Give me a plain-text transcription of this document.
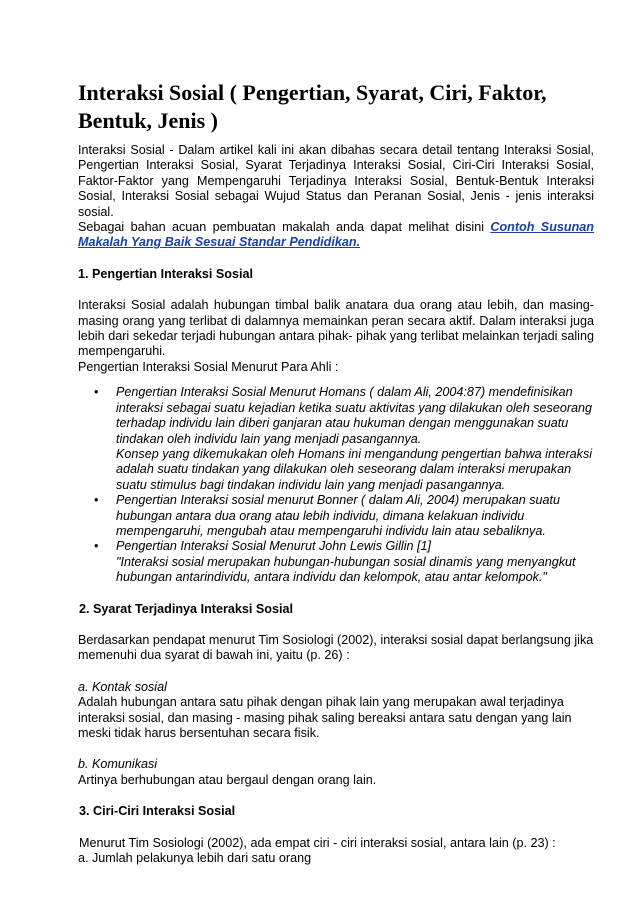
Interaksi Sosial ( Pengertian, Syarat, Ciri, Faktor, Bentuk, Jenis )

Interaksi Sosial - Dalam artikel kali ini akan dibahas secara detail tentang Interaksi Sosial, Pengertian Interaksi Sosial, Syarat Terjadinya Interaksi Sosial, Ciri-Ciri Interaksi Sosial, Faktor-Faktor yang Mempengaruhi Terjadinya Interaksi Sosial, Bentuk-Bentuk Interaksi Sosial, Interaksi Sosial sebagai Wujud Status dan Peranan Sosial, Jenis - jenis interaksi sosial.

Sebagai bahan acuan pembuatan makalah anda dapat melihat disini Contoh Susunan Makalah Yang Baik Sesuai Standar Pendidikan.

1. Pengertian Interaksi Sosial

Interaksi Sosial adalah hubungan timbal balik anatara dua orang atau lebih, dan masing-masing orang yang terlibat di dalamnya memainkan peran secara aktif. Dalam interaksi juga lebih dari sekedar terjadi hubungan antara pihak- pihak yang terlibat melainkan terjadi saling mempengaruhi.

Pengertian Interaksi Sosial Menurut Para Ahli :

• Pengertian Interaksi Sosial Menurut Homans ( dalam Ali, 2004:87) mendefinisikan interaksi sebagai suatu kejadian ketika suatu aktivitas yang dilakukan oleh seseorang terhadap individu lain diberi ganjaran atau hukuman dengan menggunakan suatu tindakan oleh individu lain yang menjadi pasangannya.

Konsep yang dikemukakan oleh Homans ini mengandung pengertian bahwa interaksi adalah suatu tindakan yang dilakukan oleh seseorang dalam interaksi merupakan suatu stimulus bagi tindakan individu lain yang menjadi pasangannya.

• Pengertian Interaksi sosial menurut Bonner ( dalam Ali, 2004) merupakan suatu hubungan antara dua orang atau lebih individu, dimana kelakuan individu mempengaruhi, mengubah atau mempengaruhi individu lain atau sebaliknya.

• Pengertian Interaksi Sosial Menurut John Lewis Gillin [1]

"Interaksi sosial merupakan hubungan-hubungan sosial dinamis yang menyangkut hubungan antarindividu, antara individu dan kelompok, atau antar kelompok."

2. Syarat Terjadinya Interaksi Sosial

Berdasarkan pendapat menurut Tim Sosiologi (2002), interaksi sosial dapat berlangsung jika memenuhi dua syarat di bawah ini, yaitu (p. 26) :

a. Kontak sosial

Adalah hubungan antara satu pihak dengan pihak lain yang merupakan awal terjadinya interaksi sosial, dan masing - masing pihak saling bereaksi antara satu dengan yang lain meski tidak harus bersentuhan secara fisik.

b. Komunikasi

Artinya berhubungan atau bergaul dengan orang lain.

3. Ciri-Ciri Interaksi Sosial

Menurut Tim Sosiologi (2002), ada empat ciri - ciri interaksi sosial, antara lain (p. 23) :

a. Jumlah pelakunya lebih dari satu orang
